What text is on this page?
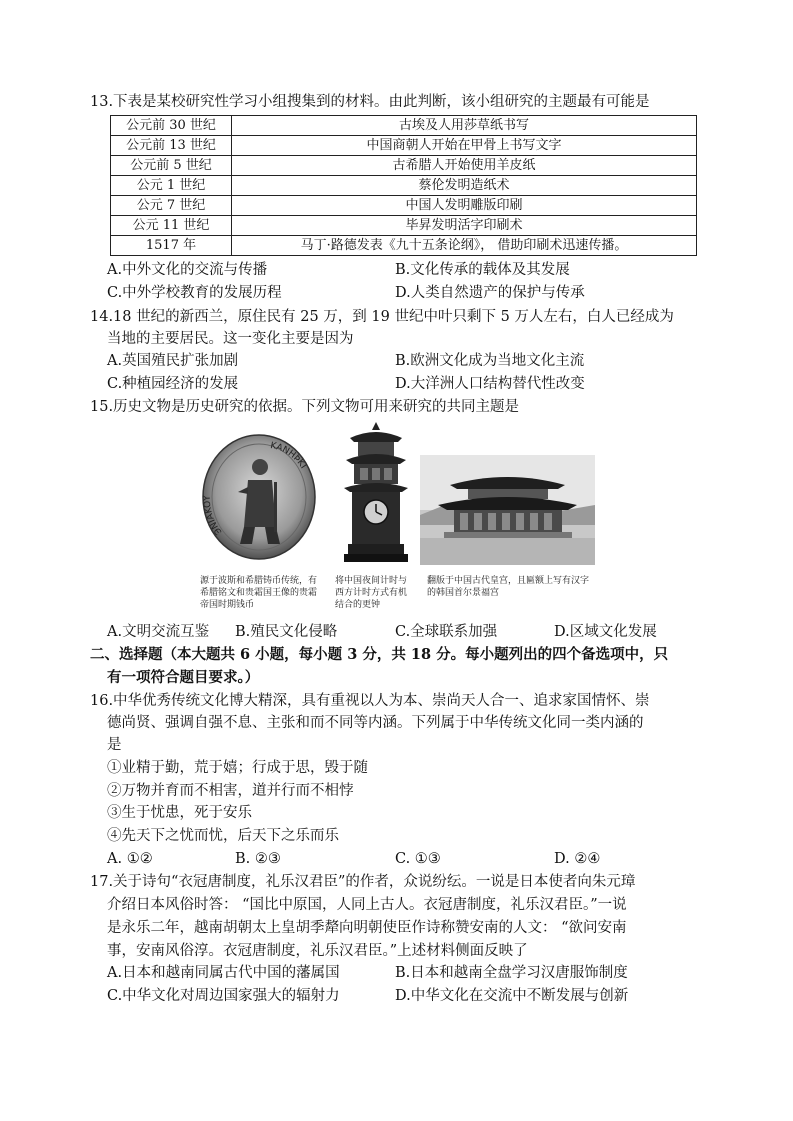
13.下表是某校研究性学习小组搜集到的材料。由此判断，该小组研究的主题最有可能是
公元前 30 世纪	古埃及人用莎草纸书写
公元前 13 世纪	中国商朝人开始在甲骨上书写文字
公元前 5 世纪	古希腊人开始使用羊皮纸
公元 1 世纪	蔡伦发明造纸术
公元 7 世纪	中国人发明雕版印刷
公元 11 世纪	毕昇发明活字印刷术
1517 年	马丁·路德发表《九十五条论纲》， 借助印刷术迅速传播。
A.中外文化的交流与传播	B.文化传承的载体及其发展
C.中外学校教育的发展历程	D.人类自然遗产的保护与传承
14.18 世纪的新西兰，原住民有 25 万，到 19 世纪中叶只剩下 5 万人左右，白人已经成为
当地的主要居民。这一变化主要是因为
A.英国殖民扩张加剧	B.欧洲文化成为当地文化主流
C.种植园经济的发展	D.大洋洲人口结构替代性改变
15.历史文物是历史研究的依据。下列文物可用来研究的共同主题是
ЭNIAKOY
ΚΑΝΗϷΚΙ
源于波斯和希腊铸币传统，有希腊铭文和贵霜国王像的贵霜帝国时期钱币
将中国夜间计时与西方计时方式有机结合的更钟
翻版于中国古代皇宫，且匾额上写有汉字的韩国首尔景福宫
A.文明交流互鉴 B.殖民文化侵略	C.全球联系加强	D.区域文化发展
二、选择题（本大题共 6 小题，每小题 3 分，共 18 分。每小题列出的四个备选项中，只
有一项符合题目要求。）
16.中华优秀传统文化博大精深，具有重视以人为本、崇尚天人合一、追求家国情怀、崇
德尚贤、强调自强不息、主张和而不同等内涵。下列属于中华传统文化同一类内涵的
是
①业精于勤，荒于嬉；行成于思，毁于随
②万物并育而不相害，道并行而不相悖
③生于忧患，死于安乐
④先天下之忧而忧，后天下之乐而乐
A. ①②	B. ②③	C. ①③	D. ②④
17.关于诗句“衣冠唐制度，礼乐汉君臣”的作者，众说纷纭。一说是日本使者向朱元璋
介绍日本风俗时答： “国比中原国，人同上古人。衣冠唐制度，礼乐汉君臣。”一说
是永乐二年，越南胡朝太上皇胡季犛向明朝使臣作诗称赞安南的人文： “欲问安南
事，安南风俗淳。衣冠唐制度，礼乐汉君臣。”上述材料侧面反映了
A.日本和越南同属古代中国的藩属国	B.日本和越南全盘学习汉唐服饰制度
C.中华文化对周边国家强大的辐射力	D.中华文化在交流中不断发展与创新
